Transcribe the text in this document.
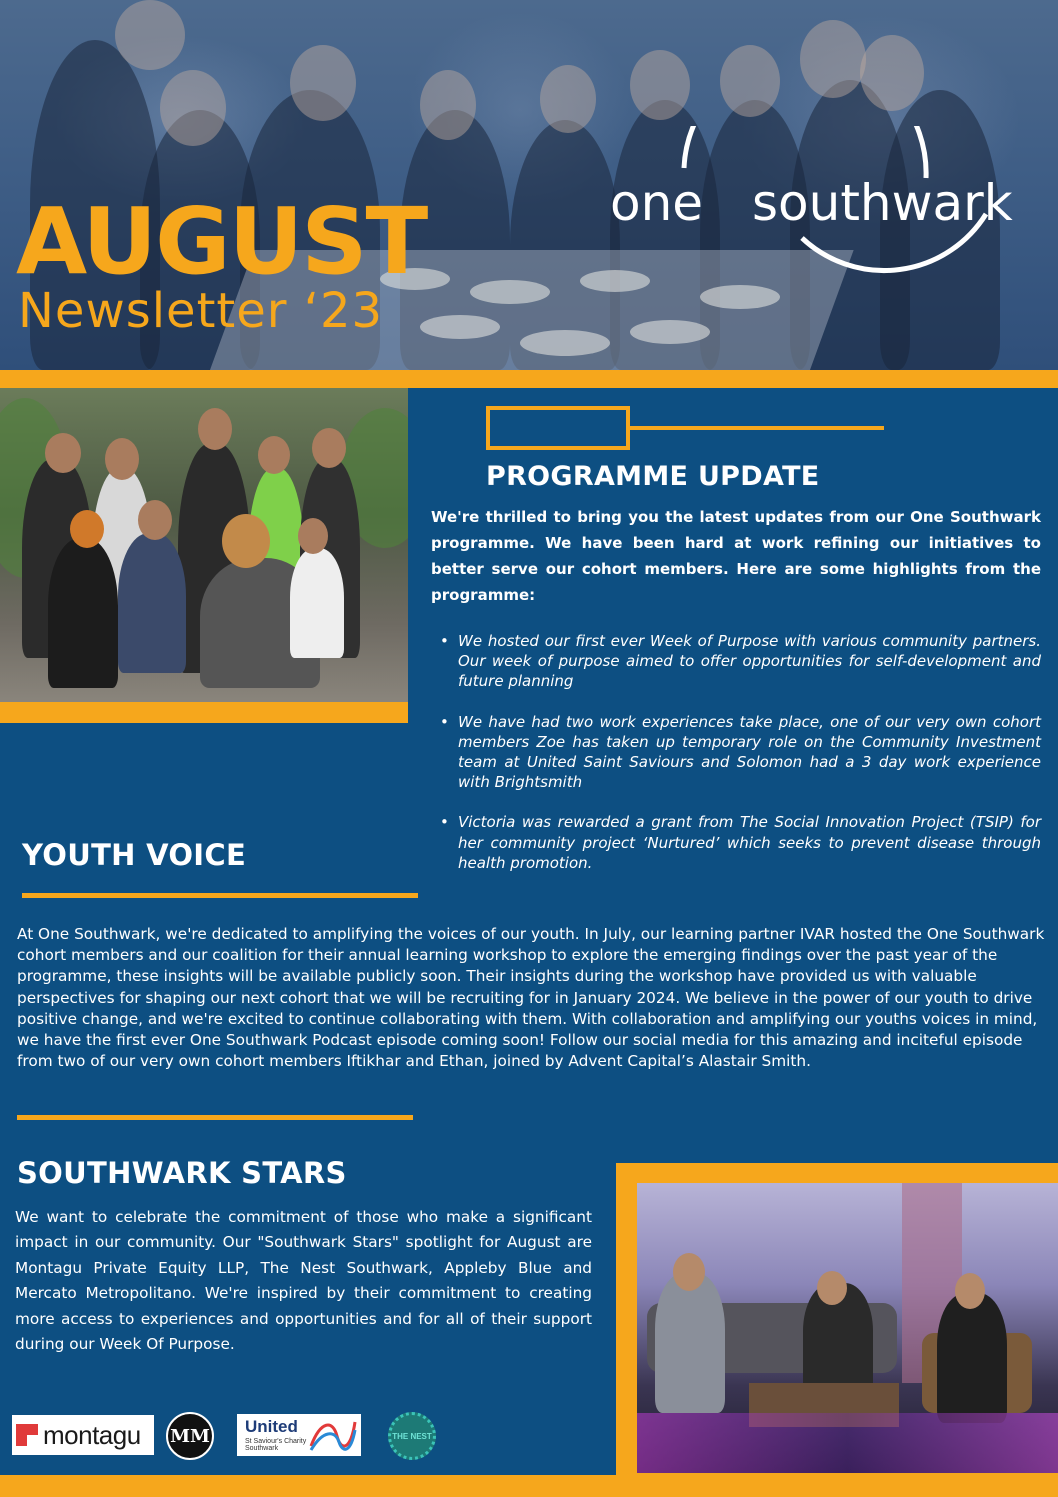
AUGUST
Newsletter ‘23
one southwark
PROGRAMME UPDATE

We're thrilled to bring you the latest updates from our One Southwark programme. We have been hard at work refining our initiatives to better serve our cohort members. Here are some highlights from the programme:

• We hosted our first ever Week of Purpose with various community partners. Our week of purpose aimed to offer opportunities for self-development and future planning
• We have had two work experiences take place, one of our very own cohort members Zoe has taken up temporary role on the Community Investment team at United Saint Saviours and Solomon had a 3 day work experience with Brightsmith
• Victoria was rewarded a grant from The Social Innovation Project (TSIP) for her community project ‘Nurtured’ which seeks to prevent disease through health promotion.
YOUTH VOICE

At One Southwark, we're dedicated to amplifying the voices of our youth. In July, our learning partner IVAR hosted the One Southwark cohort members and our coalition for their annual learning workshop to explore the emerging findings over the past year of the programme, these insights will be available publicly soon. Their insights during the workshop have provided us with valuable perspectives for shaping our next cohort that we will be recruiting for in January 2024. We believe in the power of our youth to drive positive change, and we're excited to continue collaborating with them. With collaboration and amplifying our youths voices in mind, we have the first ever One Southwark Podcast episode coming soon! Follow our social media for this amazing and inciteful episode from two of our very own cohort members Iftikhar and Ethan, joined by Advent Capital’s Alastair Smith.

SOUTHWARK STARS

We want to celebrate the commitment of those who make a significant impact in our community. Our "Southwark Stars" spotlight for August are Montagu Private Equity LLP, The Nest Southwark, Appleby Blue and Mercato Metropolitano. We're inspired by their commitment to creating more access to experiences and opportunities and for all of their support during our Week Of Purpose.

montagu MM United
St Saviour's Charity Southwark
THE NEST
